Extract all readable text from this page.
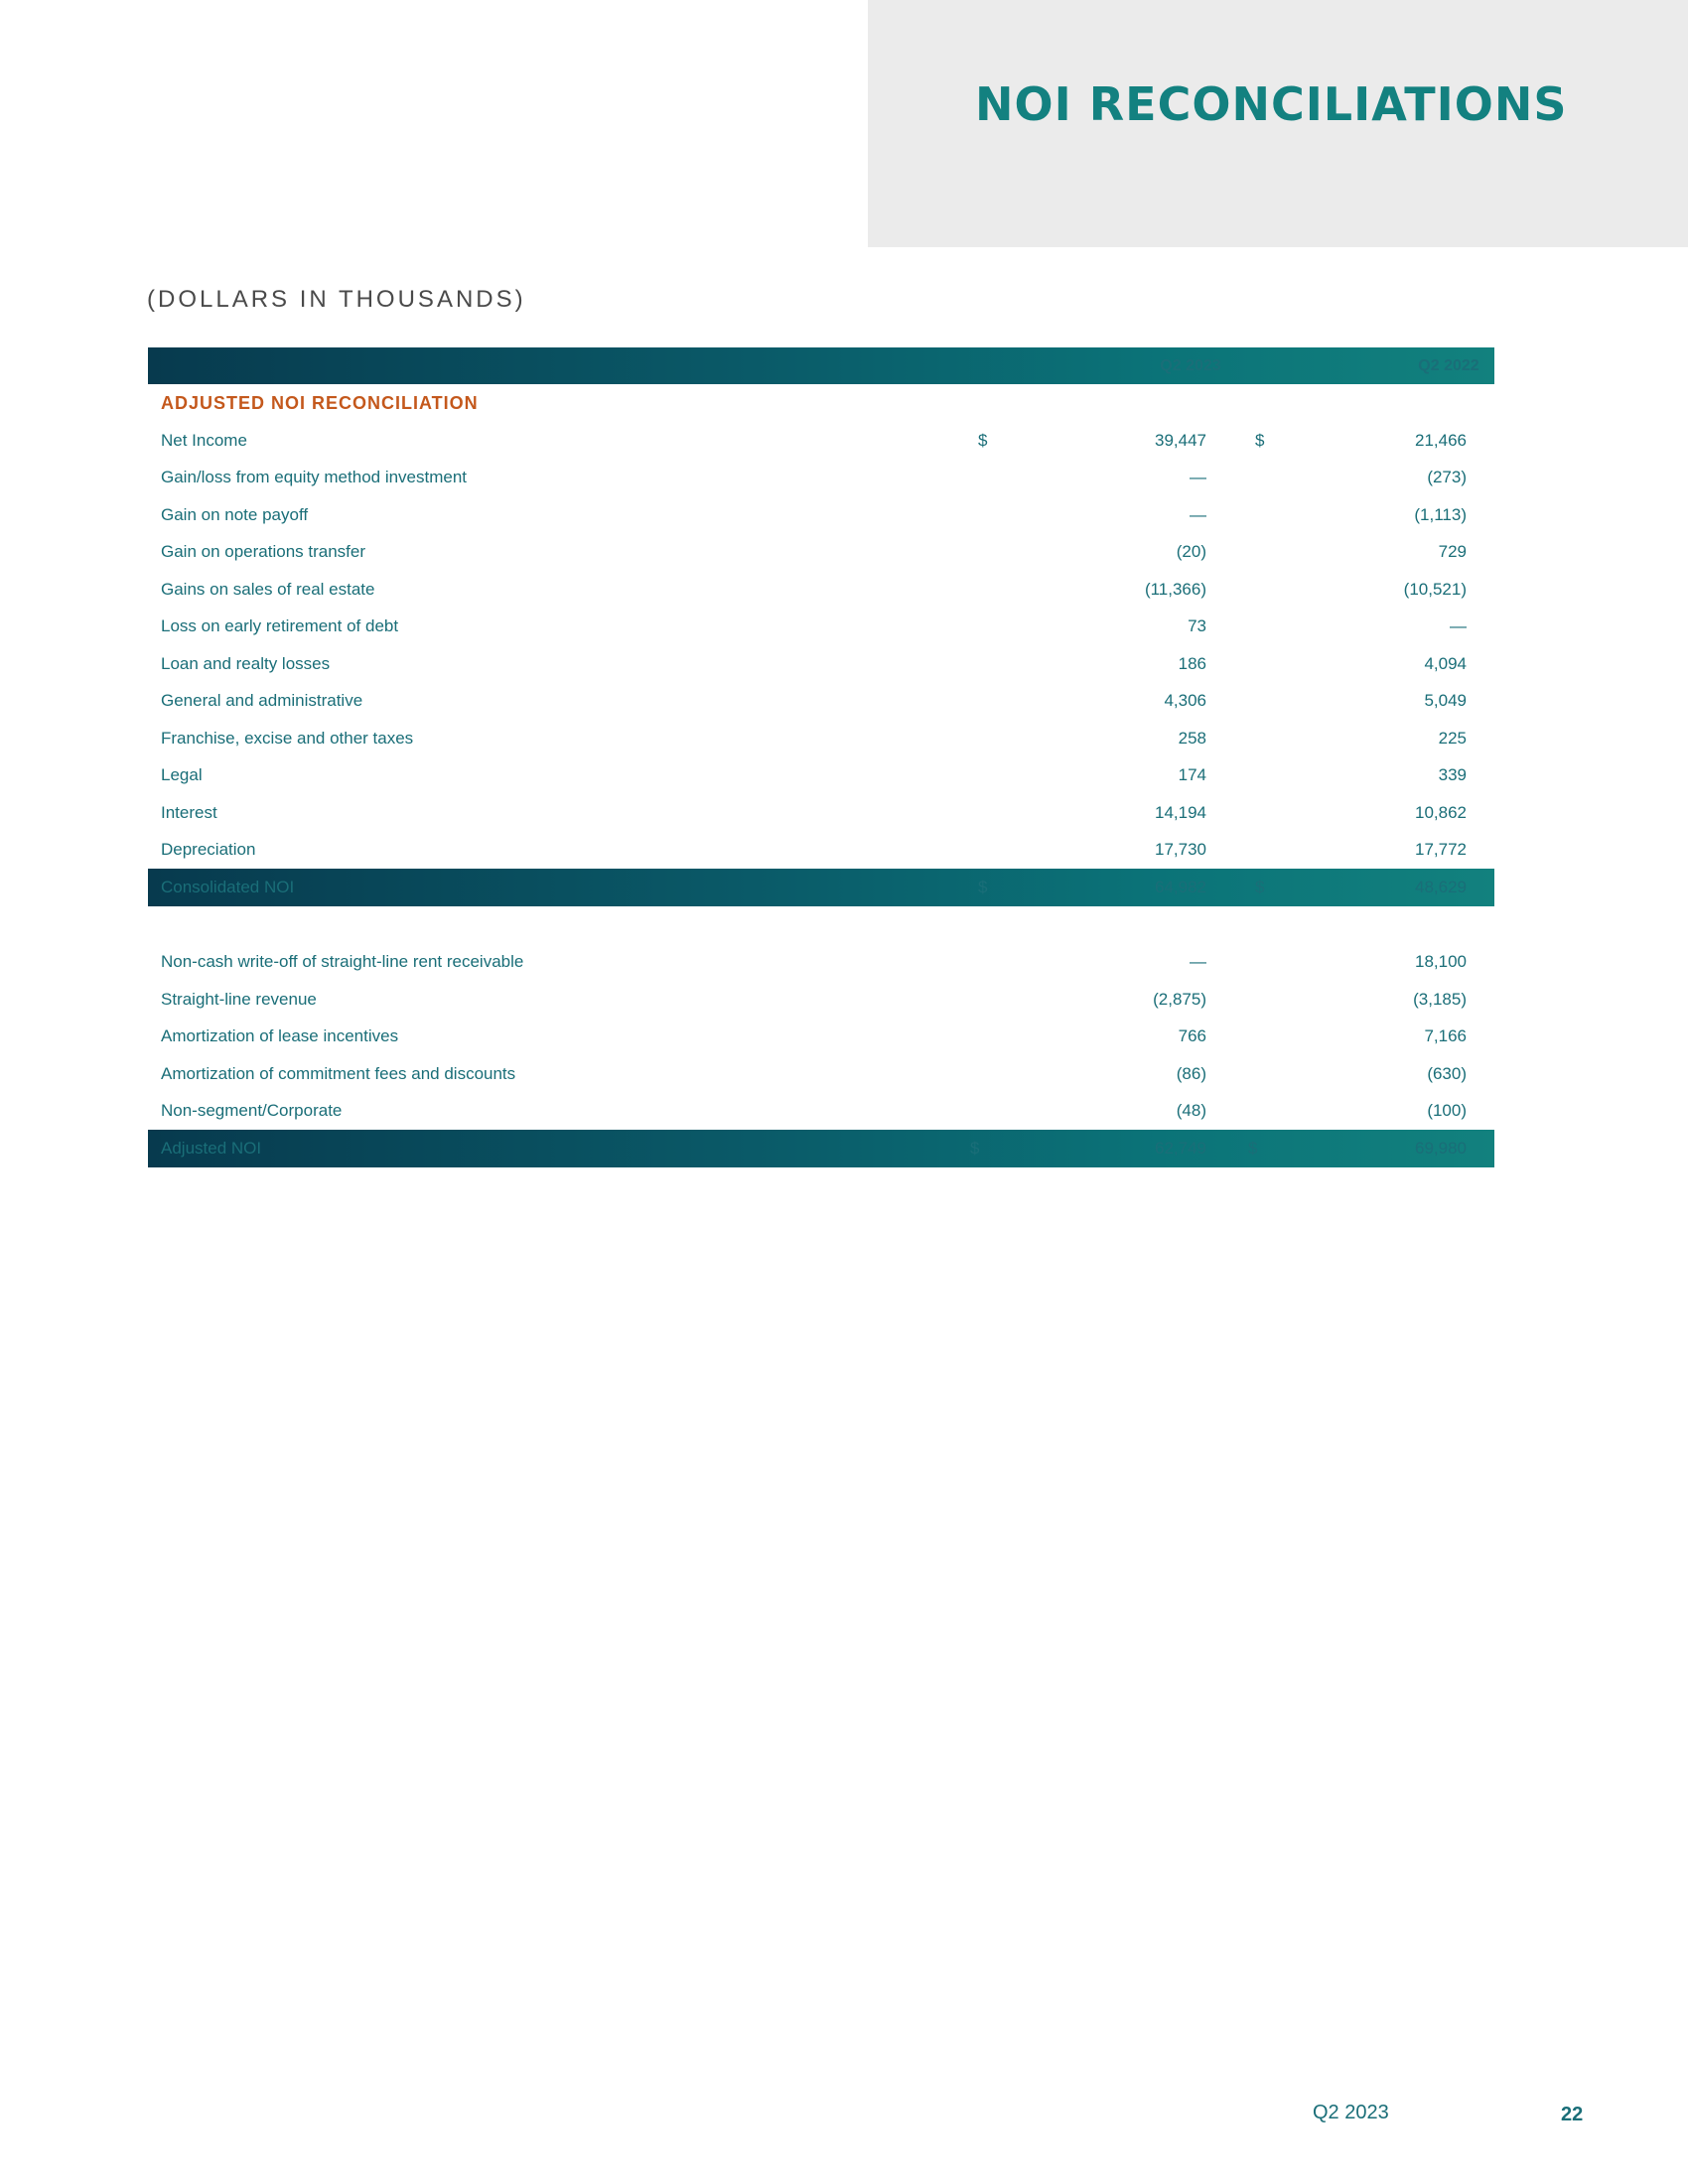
NOI RECONCILIATIONS
(DOLLARS IN THOUSANDS)
Q2 2023	Q2 2022
ADJUSTED NOI RECONCILIATION
Net Income	$	39,447	$	21,466
Gain/loss from equity method investment	—	(273)
Gain on note payoff	—	(1,113)
Gain on operations transfer	(20)	729
Gains on sales of real estate	(11,366)	(10,521)
Loss on early retirement of debt	73	—
Loan and realty losses	186	4,094
General and administrative	4,306	5,049
Franchise, excise and other taxes	258	225
Legal	174	339
Interest	14,194	10,862
Depreciation	17,730	17,772
Consolidated NOI	$	64,982	$	48,629
Non-cash write-off of straight-line rent receivable	—	18,100
Straight-line revenue	(2,875)	(3,185)
Amortization of lease incentives	766	7,166
Amortization of commitment fees and discounts	(86)	(630)
Non-segment/Corporate	(48)	(100)
Adjusted NOI	$	62,749 $	69,980
Q2 2023	22
